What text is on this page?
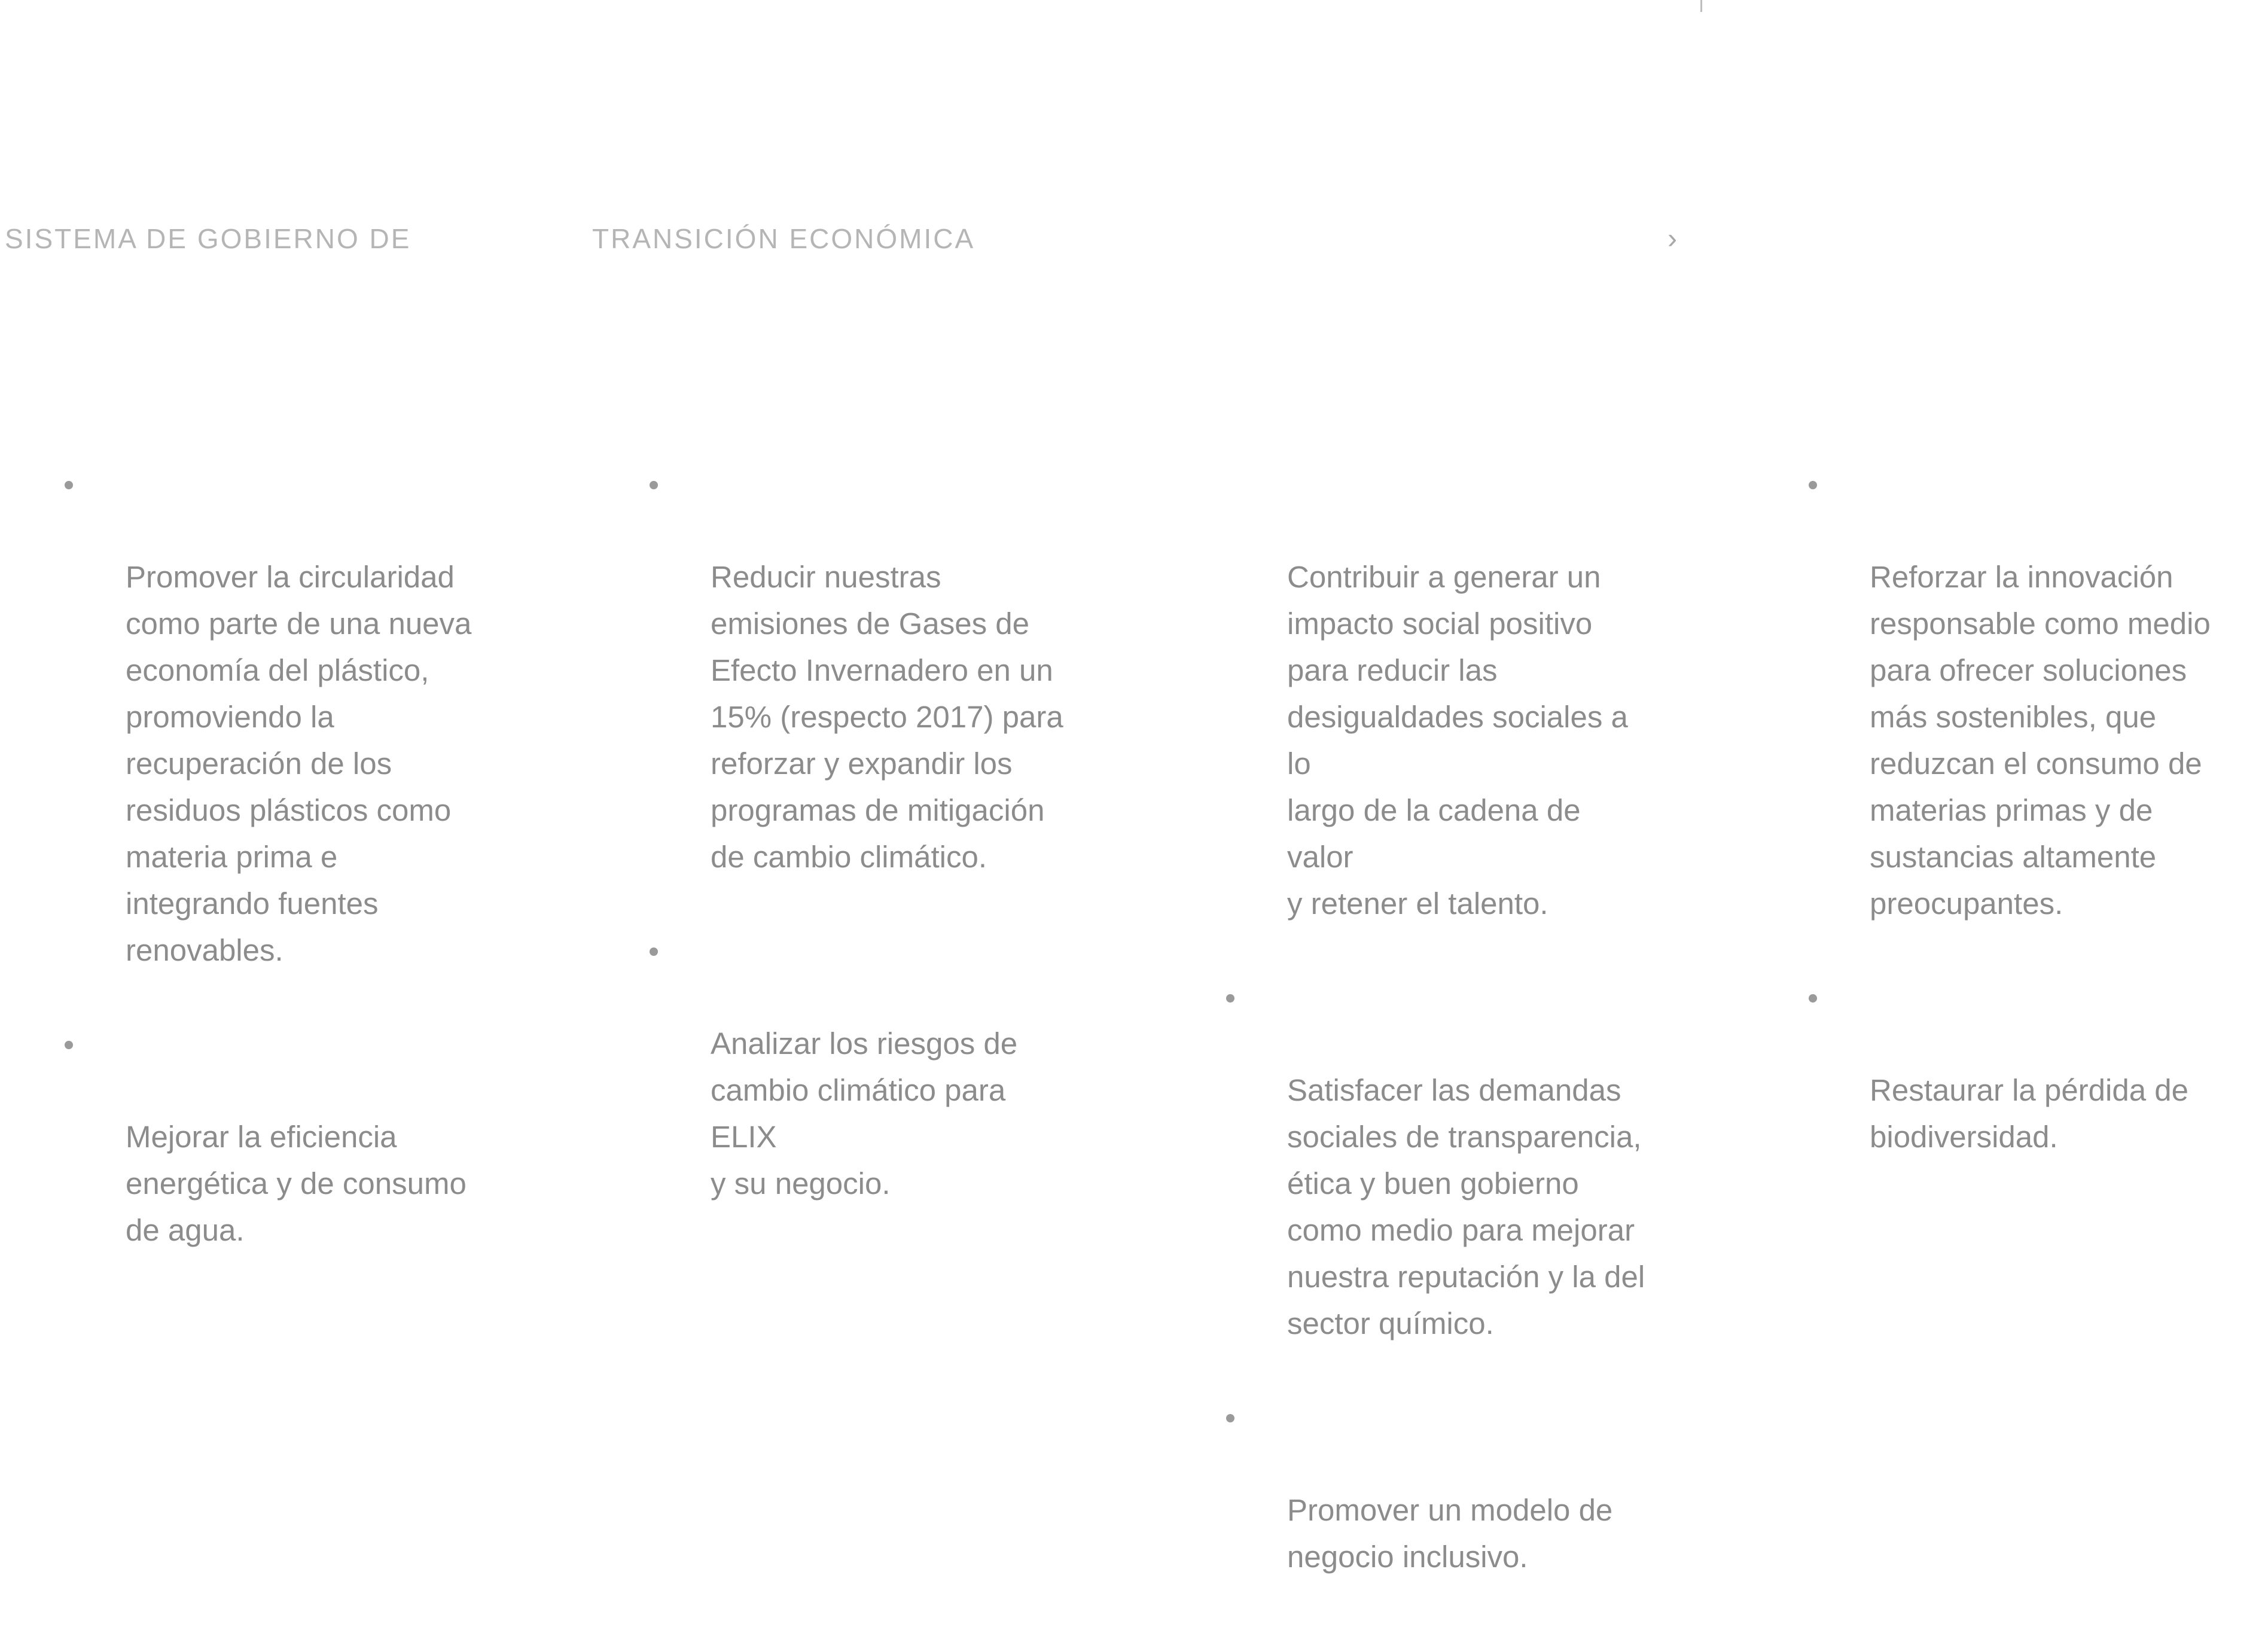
SISTEMA DE GOBIERNO DE	TRANSICIÓN ECONÓMICA	›

Promover la circularidad
como parte de una nueva
economía del plástico,
promoviendo la
recuperación de los
residuos plásticos como
materia prima e
integrando fuentes
renovables.

Mejorar la eficiencia
energética y de consumo
de agua.

Reducir nuestras
emisiones de Gases de
Efecto Invernadero en un
15% (respecto 2017) para
reforzar y expandir los
programas de mitigación
de cambio climático.

Analizar los riesgos de
cambio climático para ELIX
y su negocio.

Contribuir a generar un
impacto social positivo
para reducir las
desigualdades sociales a lo
largo de la cadena de valor
y retener el talento.

Satisfacer las demandas
sociales de transparencia,
ética y buen gobierno
como medio para mejorar
nuestra reputación y la del
sector químico.

Promover un modelo de
negocio inclusivo.

Reforzar la innovación
responsable como medio
para ofrecer soluciones
más sostenibles, que
reduzcan el consumo de
materias primas y de
sustancias altamente
preocupantes.

Restaurar la pérdida de
biodiversidad.
